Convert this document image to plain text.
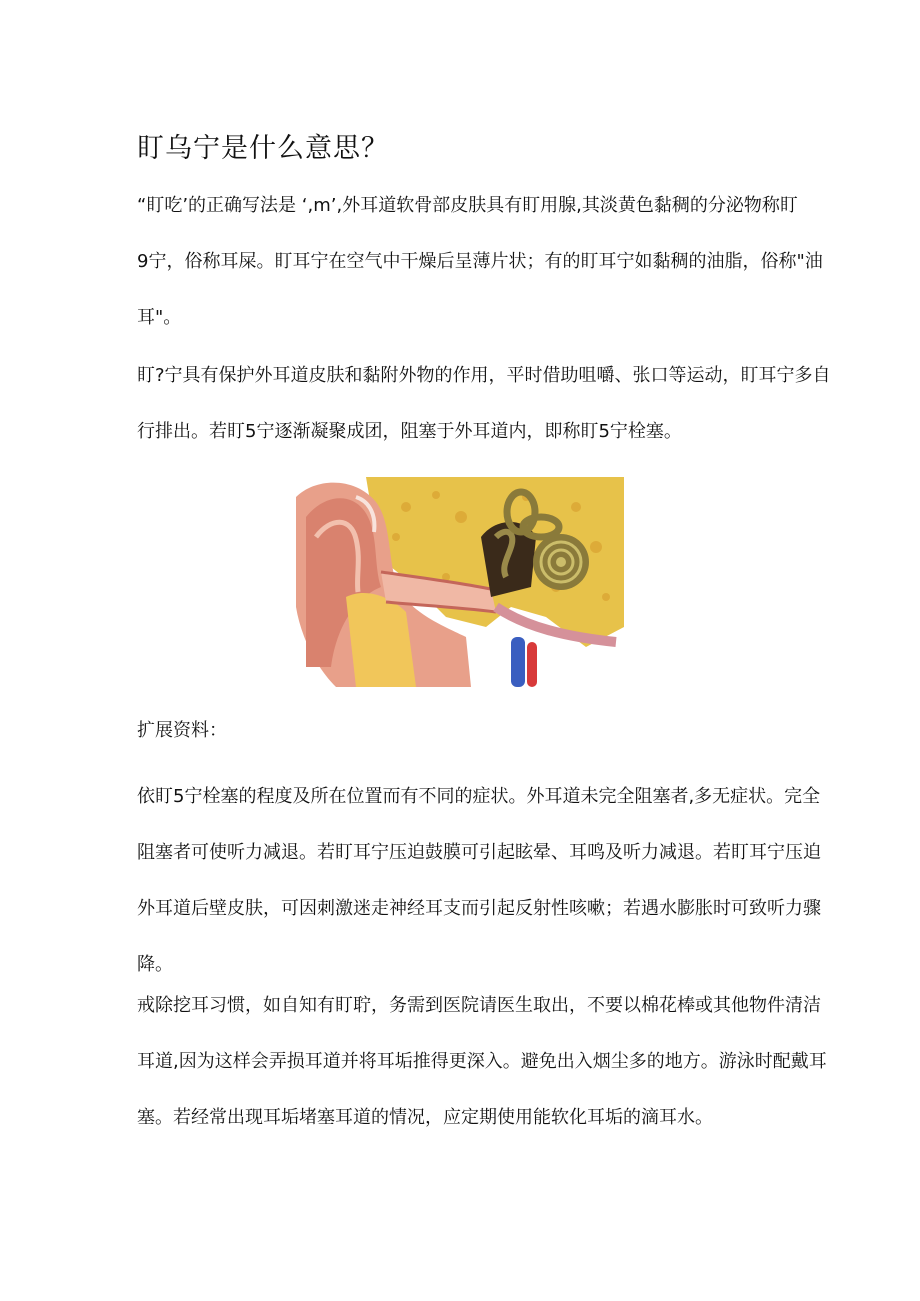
盯乌宁是什么意思？
“盯吃’的正确写法是 ‘,m’,外耳道软骨部皮肤具有盯用腺,其淡黄色黏稠的分泌物称盯
9宁，俗称耳屎。盯耳宁在空气中干燥后呈薄片状；有的盯耳宁如黏稠的油脂，俗称"油
耳"。
盯?宁具有保护外耳道皮肤和黏附外物的作用，平时借助咀嚼、张口等运动，盯耳宁多自
行排出。若盯5宁逐渐凝聚成团，阻塞于外耳道内，即称盯5宁栓塞。
扩展资料：
依盯5宁栓塞的程度及所在位置而有不同的症状。外耳道未完全阻塞者,多无症状。完全
阻塞者可使听力减退。若盯耳宁压迫鼓膜可引起眩晕、耳鸣及听力减退。若盯耳宁压迫
外耳道后壁皮肤，可因刺激迷走神经耳支而引起反射性咳嗽；若遇水膨胀时可致听力骤
降。
戒除挖耳习惯，如自知有盯聍，务需到医院请医生取出，不要以棉花棒或其他物件清洁
耳道,因为这样会弄损耳道并将耳垢推得更深入。避免出入烟尘多的地方。游泳时配戴耳
塞。若经常出现耳垢堵塞耳道的情况，应定期使用能软化耳垢的滴耳水。
